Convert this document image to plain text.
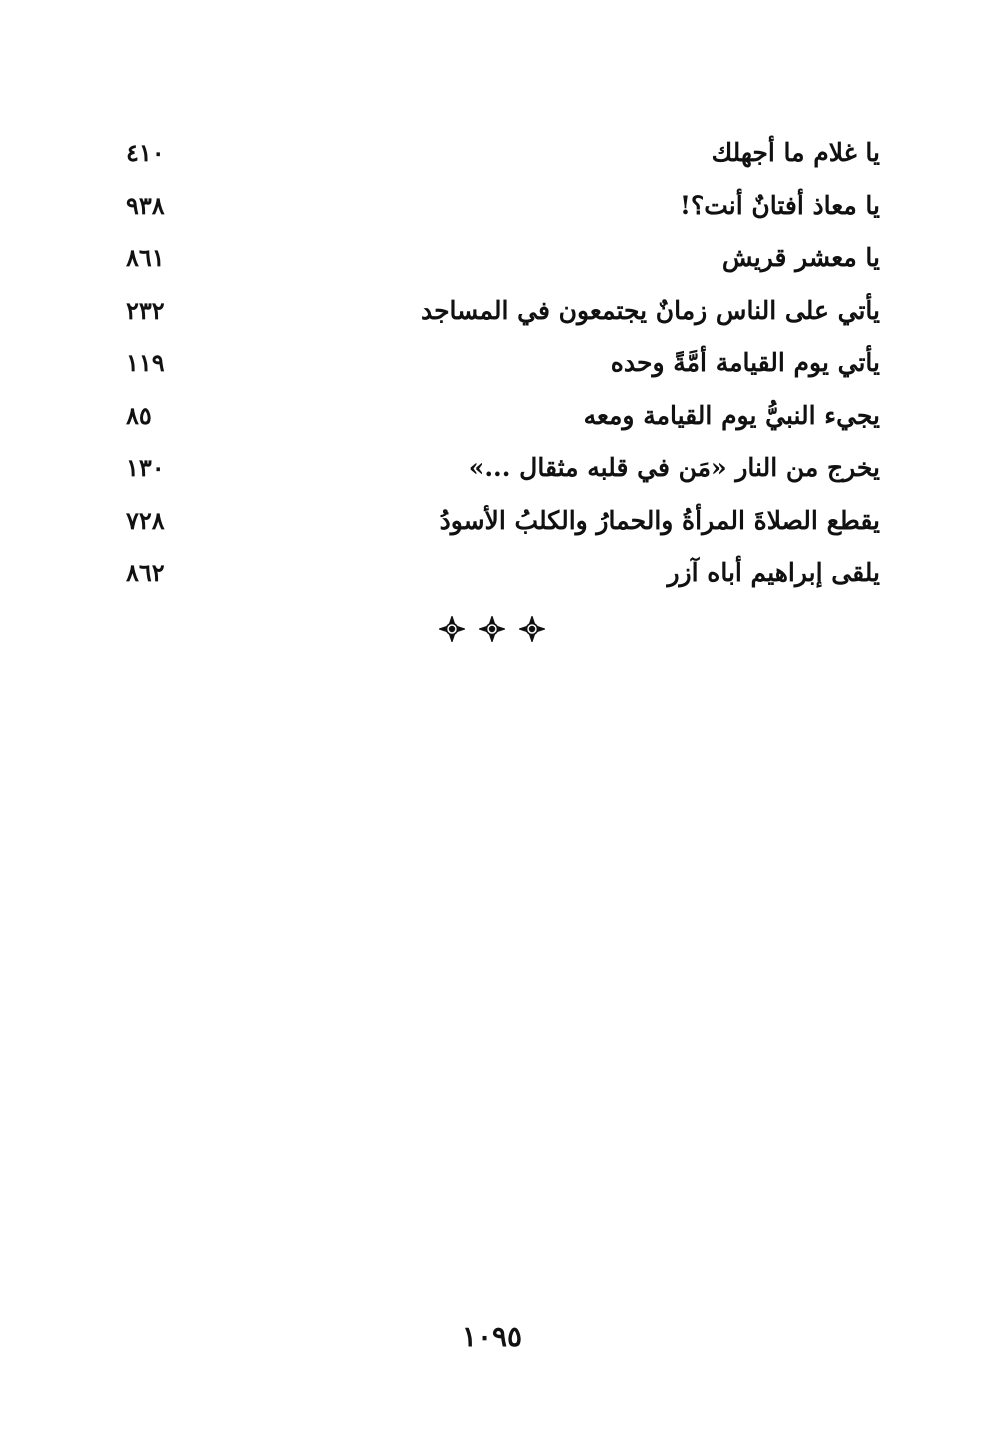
يا غلام ما أجهلك
٤١٠
يا معاذ أفتانٌ أنت؟!
٩٣٨
يا معشر قريش
٨٦١
يأتي على الناس زمانٌ يجتمعون في المساجد
٢٣٢
يأتي يوم القيامة أمَّةً وحده
١١٩
يجيء النبيُّ يوم القيامة ومعه
٨٥
يخرج من النار «مَن في قلبه مثقال ...»
١٣٠
يقطع الصلاةَ المرأةُ والحمارُ والكلبُ الأسودُ
٧٢٨
يلقى إبراهيم أباه آزر
٨٦٢
١٠٩٥
